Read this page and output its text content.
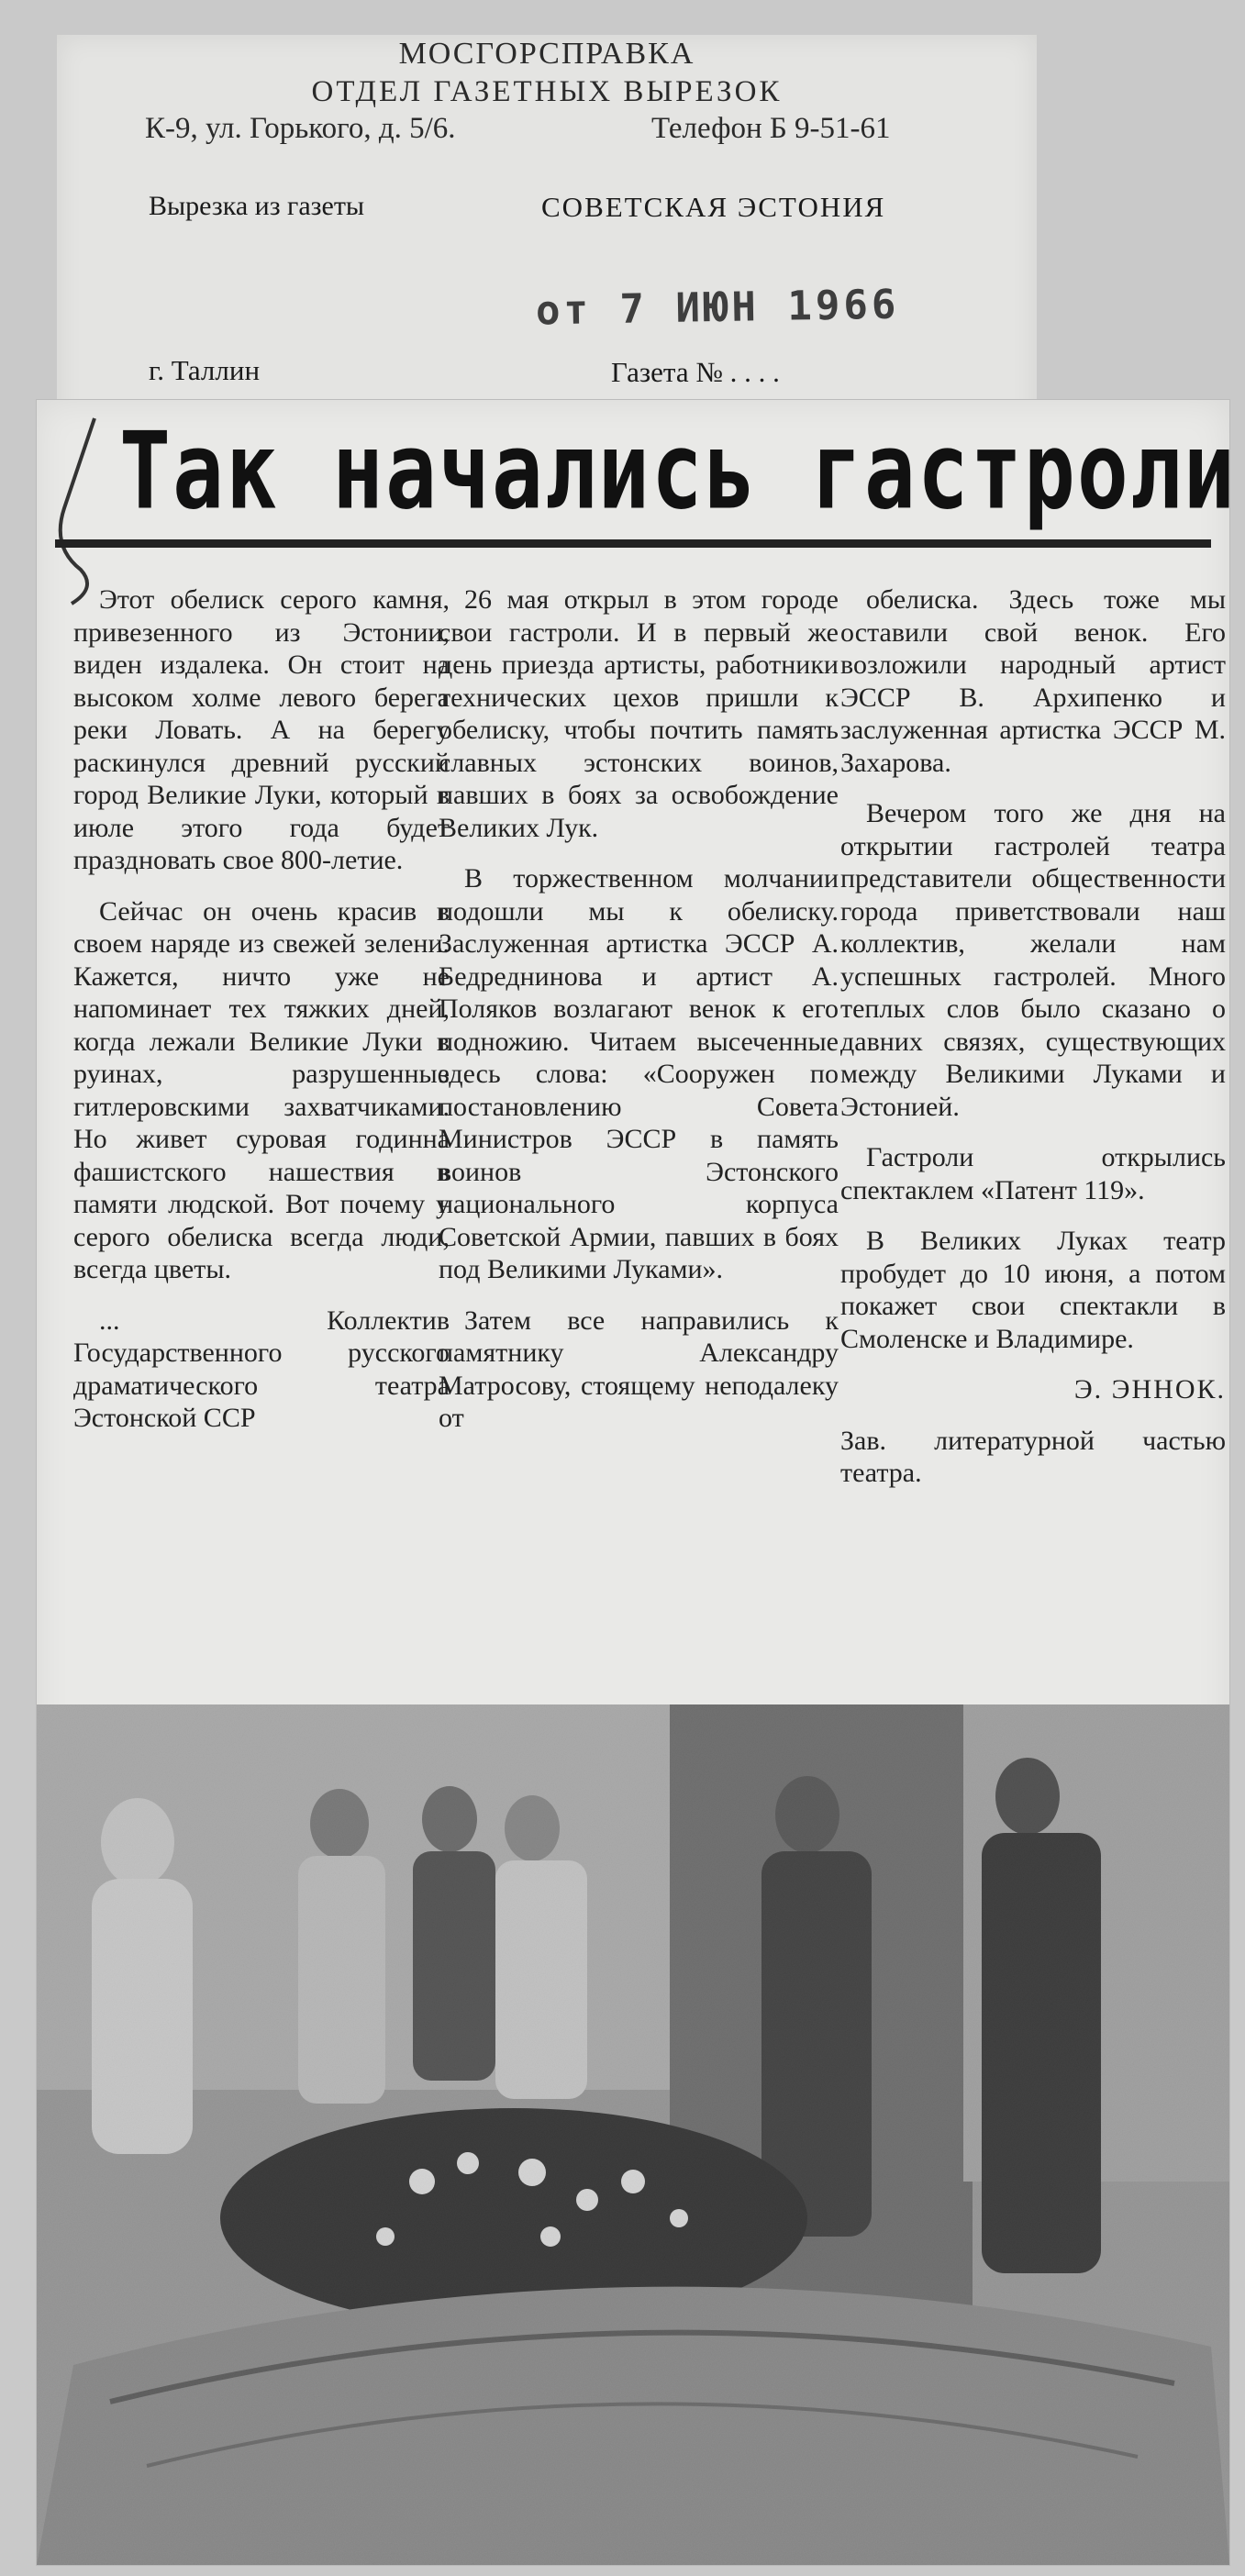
МОСГОРСПРАВКА
ОТДЕЛ ГАЗЕТНЫХ ВЫРЕЗОК
К-9, ул. Горького, д. 5/6.	Телефон Б 9-51-61
Вырезка из газеты	СОВЕТСКАЯ ЭСТОНИЯ
от 7 ИЮН 1966
г. Таллин	Газета № . . . .
Так начались гастроли

Этот обелиск серого камня, привезенного из Эстонии, виден издалека. Он стоит на высоком холме левого берега реки Ловать. А на берегу раскинулся древний русский город Великие Луки, который в июле этого года будет праздновать свое 800-летие.

Сейчас он очень красив в своем наряде из свежей зелени. Кажется, ничто уже не напоминает тех тяжких дней, когда лежали Великие Луки в руинах, разрушенные гитлеровскими захватчиками. Но живет суровая годинна фашистского нашествия в памяти людской. Вот почему у серого обелиска всегда люди, всегда цветы.

... Коллектив Государственного русского драматического театра Эстонской ССР

26 мая открыл в этом городе свои гастроли. И в первый же день приезда артисты, работники технических цехов пришли к обелиску, чтобы почтить память славных эстонских воинов, павших в боях за освобождение Великих Лук.

В торжественном молчании подошли мы к обелиску. Заслуженная артистка ЭССР А. Бедреднинова и артист А. Поляков возлагают венок к его подножию. Читаем высеченные здесь слова: «Сооружен по постановлению Совета Министров ЭССР в память воинов Эстонского национального корпуса Советской Армии, павших в боях под Великими Луками».

Затем все направились к памятнику Александру Матросову, стоящему неподалеку от

обелиска. Здесь тоже мы оставили свой венок. Его возложили народный артист ЭССР В. Архипенко и заслуженная артистка ЭССР М. Захарова.

Вечером того же дня на открытии гастролей театра представители общественности города приветствовали наш коллектив, желали нам успешных гастролей. Много теплых слов было сказано о давних связях, существующих между Великими Луками и Эстонией.

Гастроли открылись спектаклем «Патент 119».

В Великих Луках театр пробудет до 10 июня, а потом покажет свои спектакли в Смоленске и Владимире.

Э. ЭННОК.

Зав. литературной частью театра.
